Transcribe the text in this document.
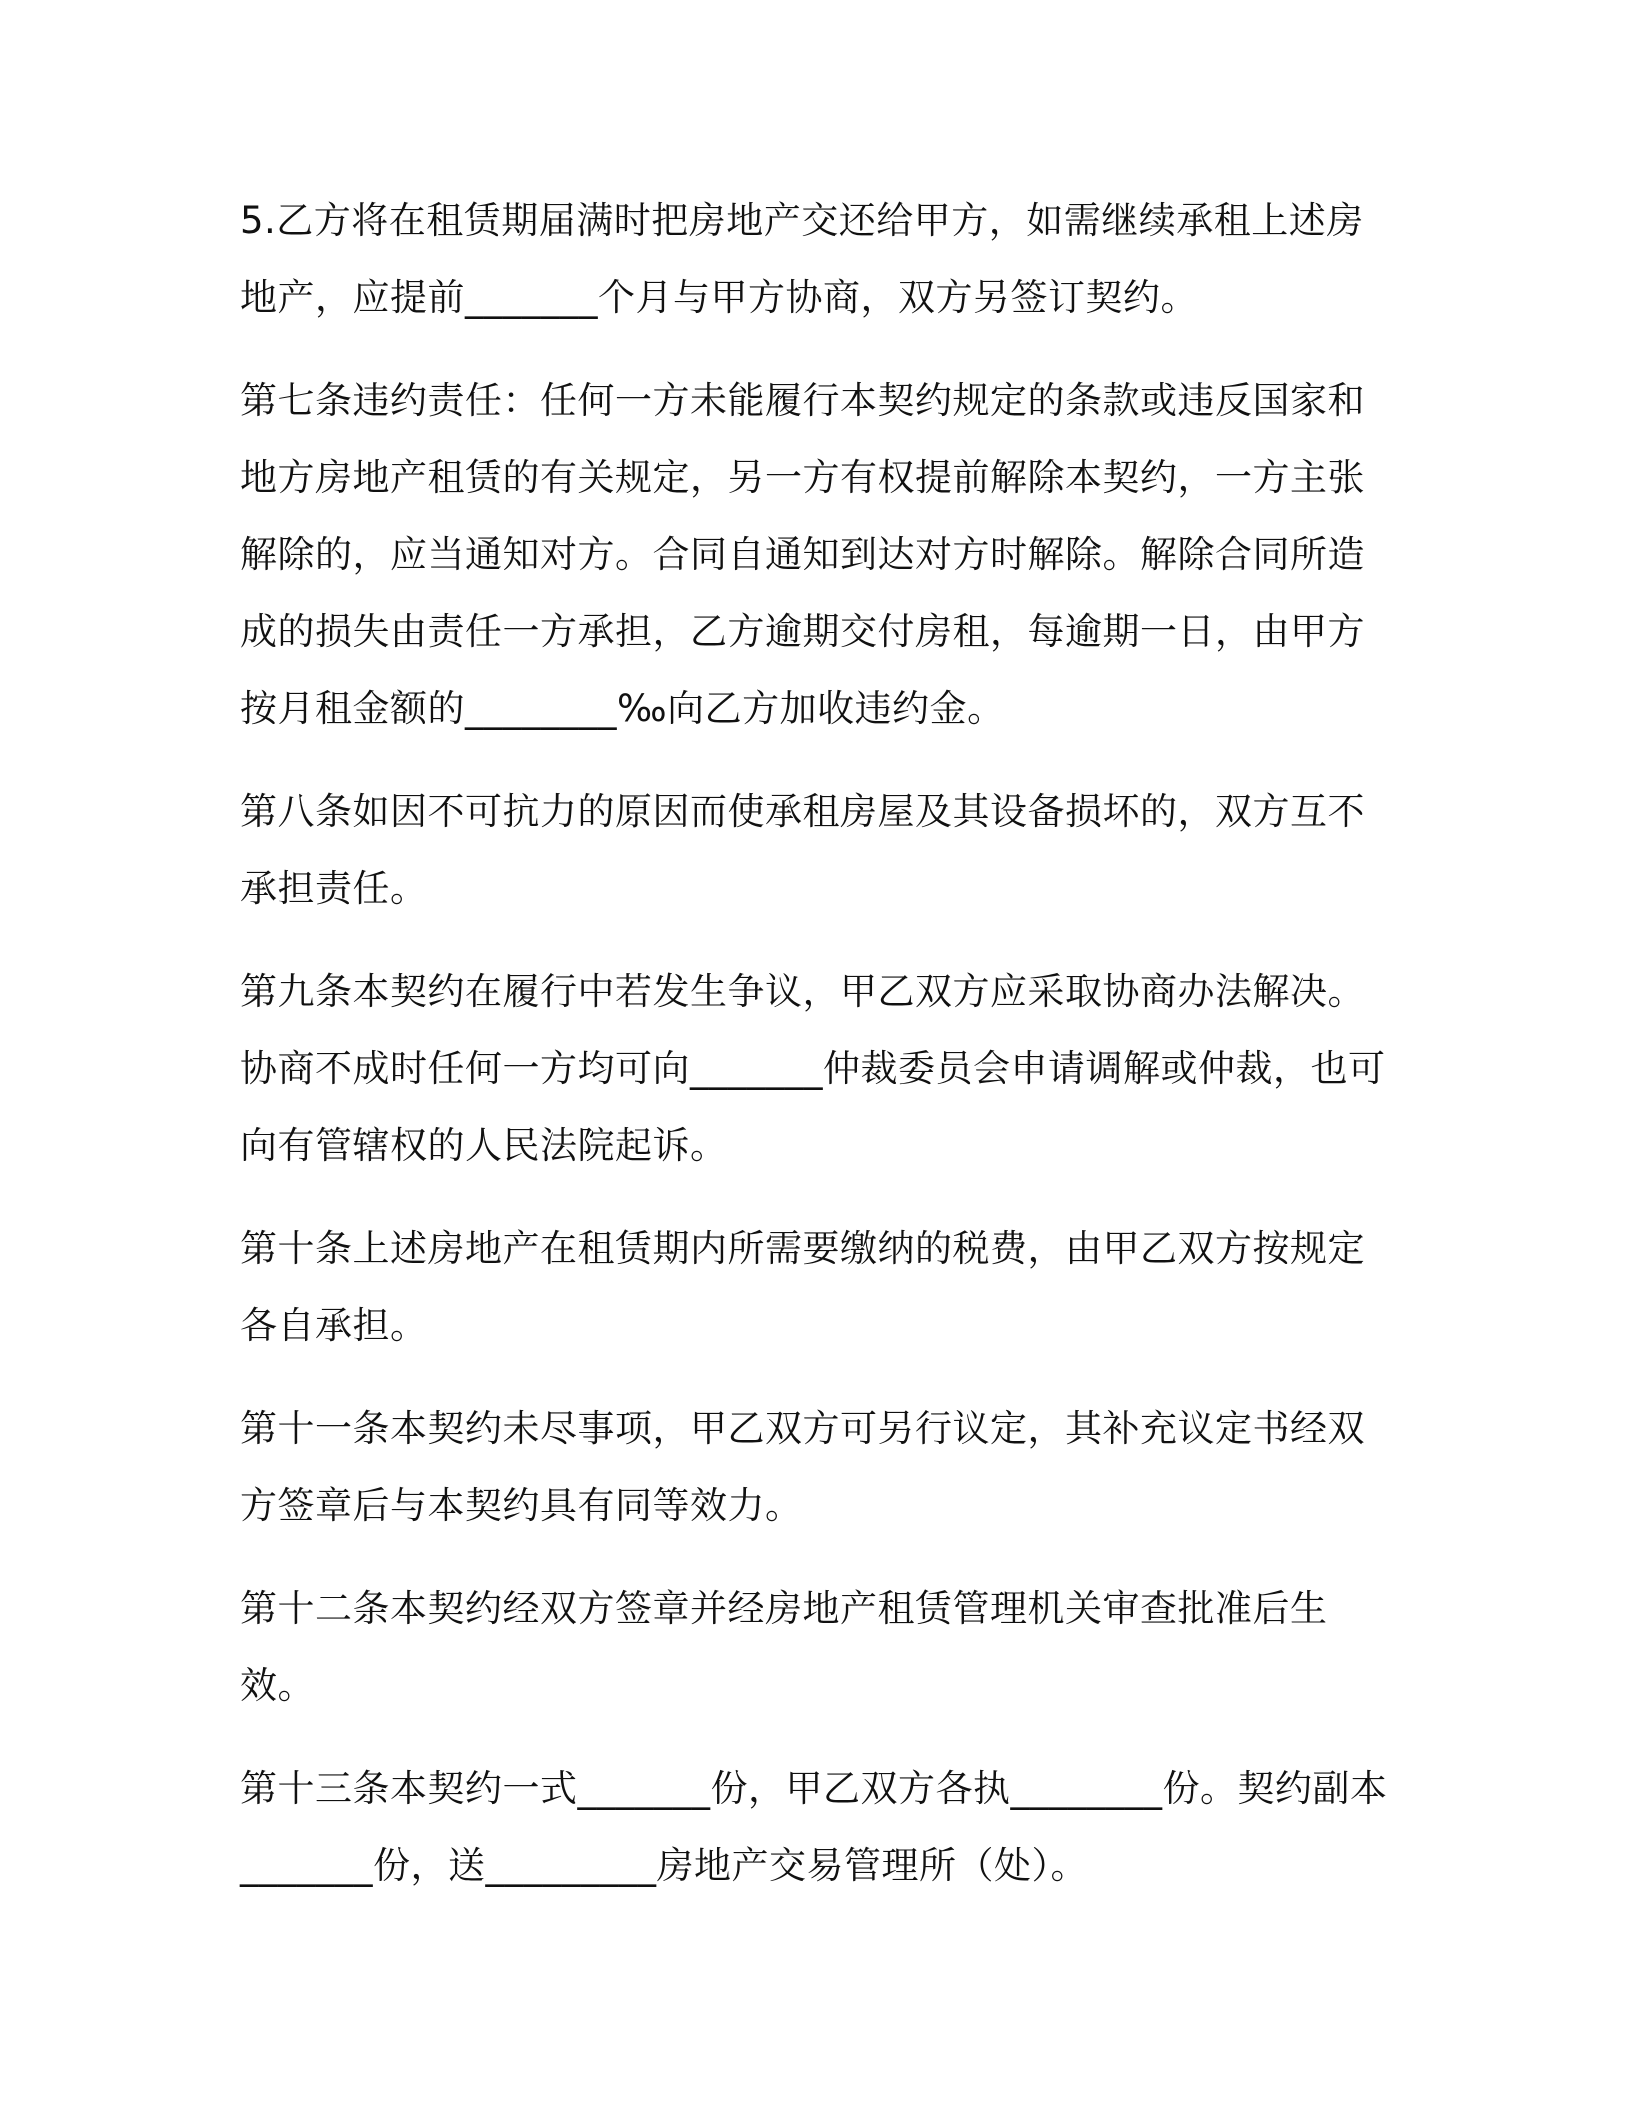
5.乙方将在租赁期届满时把房地产交还给甲方，如需继续承租上述房地产，应提前_______个月与甲方协商，双方另签订契约。

第七条违约责任：任何一方未能履行本契约规定的条款或违反国家和地方房地产租赁的有关规定，另一方有权提前解除本契约，一方主张解除的，应当通知对方。合同自通知到达对方时解除。解除合同所造成的损失由责任一方承担，乙方逾期交付房租，每逾期一日，由甲方按月租金额的________‰向乙方加收违约金。

第八条如因不可抗力的原因而使承租房屋及其设备损坏的，双方互不承担责任。

第九条本契约在履行中若发生争议，甲乙双方应采取协商办法解决。协商不成时任何一方均可向_______仲裁委员会申请调解或仲裁，也可向有管辖权的人民法院起诉。

第十条上述房地产在租赁期内所需要缴纳的税费，由甲乙双方按规定各自承担。

第十一条本契约未尽事项，甲乙双方可另行议定，其补充议定书经双方签章后与本契约具有同等效力。

第十二条本契约经双方签章并经房地产租赁管理机关审查批准后生效。

第十三条本契约一式_______份，甲乙双方各执________份。契约副本_______份，送_________房地产交易管理所（处）。
